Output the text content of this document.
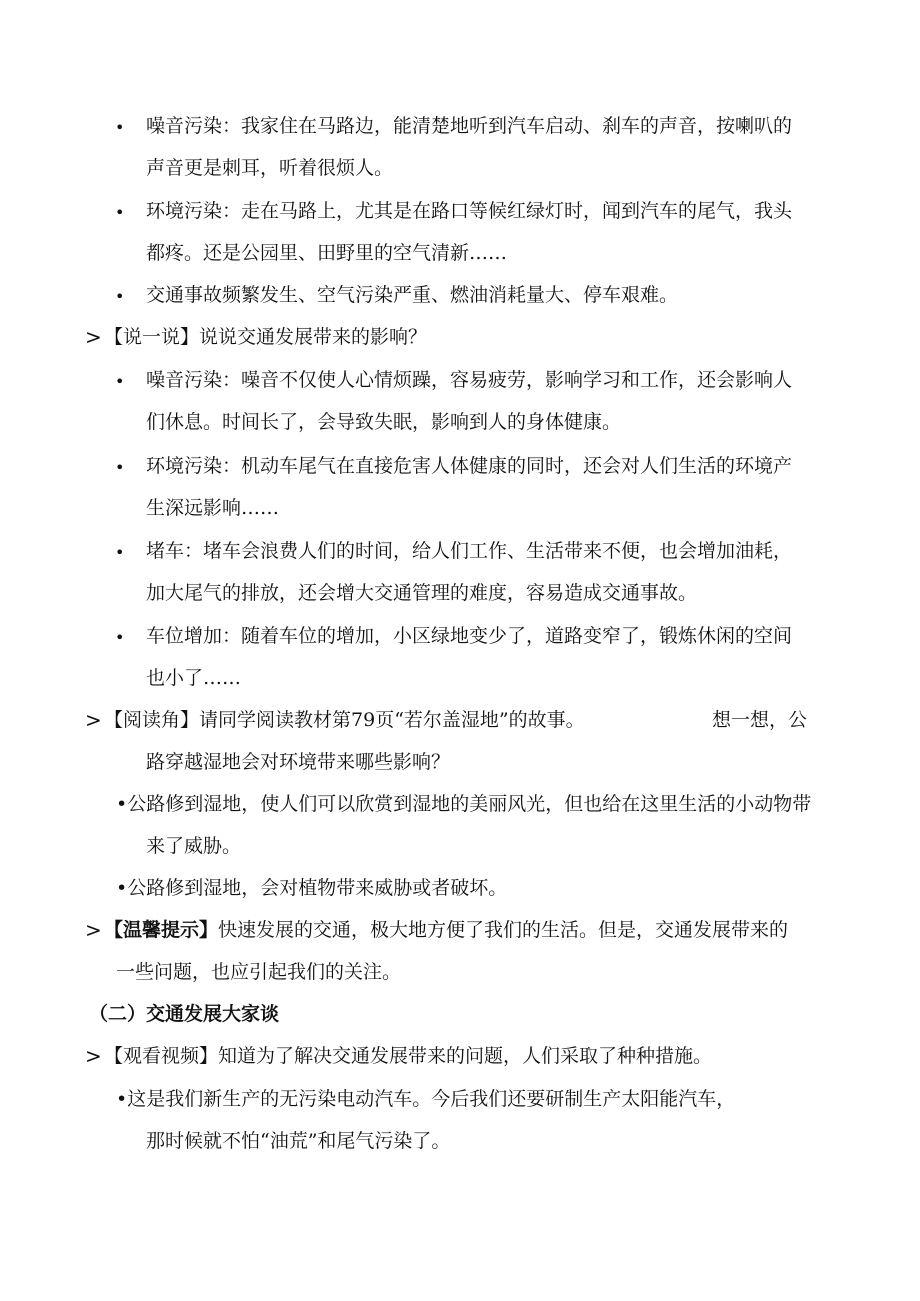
• 噪音污染：我家住在马路边，能清楚地听到汽车启动、刹车的声音，按喇叭的
声音更是刺耳，听着很烦人。
• 环境污染：走在马路上，尤其是在路口等候红绿灯时，闻到汽车的尾气，我头
都疼。还是公园里、田野里的空气清新……
• 交通事故频繁发生、空气污染严重、燃油消耗量大、停车艰难。
> 【说一说】说说交通发展带来的影响？
• 噪音污染：噪音不仅使人心情烦躁，容易疲劳，影响学习和工作，还会影响人
们休息。时间长了，会导致失眠，影响到人的身体健康。
• 环境污染：机动车尾气在直接危害人体健康的同时，还会对人们生活的环境产
生深远影响……
• 堵车：堵车会浪费人们的时间，给人们工作、生活带来不便，也会增加油耗，
加大尾气的排放，还会增大交通管理的难度，容易造成交通事故。
• 车位增加：随着车位的增加，小区绿地变少了，道路变窄了，锻炼休闲的空间
也小了……
> 【阅读角】请同学阅读教材第79页“若尔盖湿地”的故事。	想一想，公
路穿越湿地会对环境带来哪些影响？
•公路修到湿地，使人们可以欣赏到湿地的美丽风光，但也给在这里生活的小动物带
来了威胁。
•公路修到湿地，会对植物带来威胁或者破坏。
> 【温馨提示】快速发展的交通，极大地方便了我们的生活。但是，交通发展带来的
一些问题，也应引起我们的关注。
（二）交通发展大家谈
> 【观看视频】知道为了解决交通发展带来的问题，人们采取了种种措施。
•这是我们新生产的无污染电动汽车。今后我们还要研制生产太阳能汽车，
那时候就不怕“油荒”和尾气污染了。
